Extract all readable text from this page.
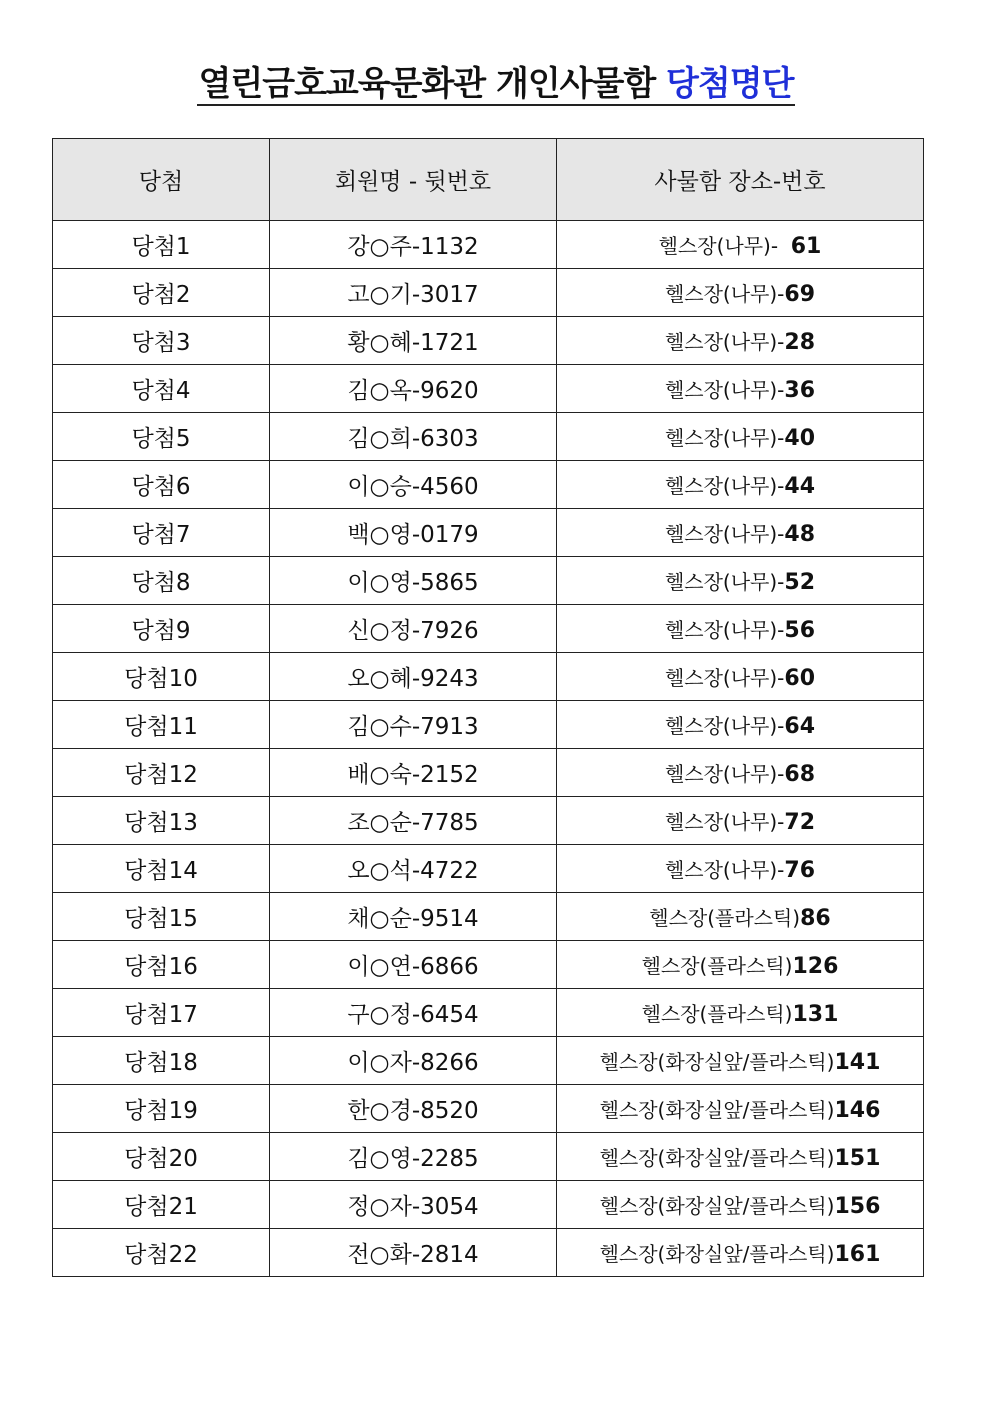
열린금호교육문화관 개인사물함 당첨명단
당첨	회원명 - 뒷번호	사물함 장소-번호
당첨1	강○주-1132	헬스장(나무)-  61
당첨2	고○기-3017	헬스장(나무)-69
당첨3	황○혜-1721	헬스장(나무)-28
당첨4	김○옥-9620	헬스장(나무)-36
당첨5	김○희-6303	헬스장(나무)-40
당첨6	이○승-4560	헬스장(나무)-44
당첨7	백○영-0179	헬스장(나무)-48
당첨8	이○영-5865	헬스장(나무)-52
당첨9	신○정-7926	헬스장(나무)-56
당첨10	오○혜-9243	헬스장(나무)-60
당첨11	김○수-7913	헬스장(나무)-64
당첨12	배○숙-2152	헬스장(나무)-68
당첨13	조○순-7785	헬스장(나무)-72
당첨14	오○석-4722	헬스장(나무)-76
당첨15	채○순-9514	헬스장(플라스틱)86
당첨16	이○연-6866	헬스장(플라스틱)126
당첨17	구○정-6454	헬스장(플라스틱)131
당첨18	이○자-8266	헬스장(화장실앞/플라스틱)141
당첨19	한○경-8520	헬스장(화장실앞/플라스틱)146
당첨20	김○영-2285	헬스장(화장실앞/플라스틱)151
당첨21	정○자-3054	헬스장(화장실앞/플라스틱)156
당첨22	전○화-2814	헬스장(화장실앞/플라스틱)161
